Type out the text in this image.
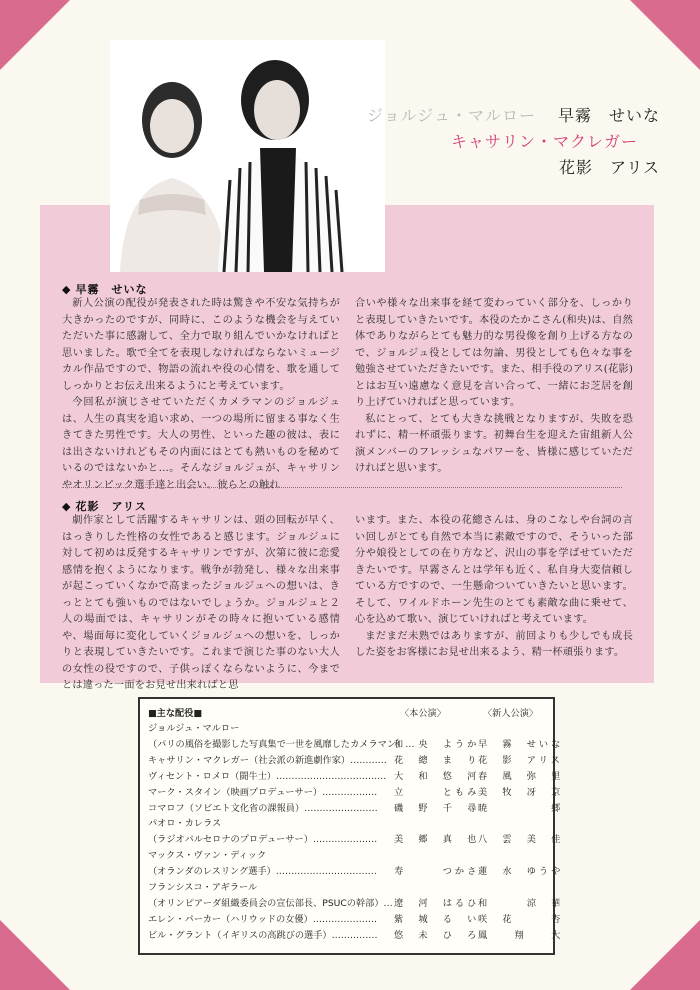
ジョルジュ・マルロー 早霧　せいな
キャサリン・マクレガー
花影　アリス
◆ 早霧　せいな

新人公演の配役が発表された時は驚きや不安な気持ちが大きかったのですが、同時に、このような機会を与えていただいた事に感謝して、全力で取り組んでいかなければと思いました。歌で全てを表現しなければならないミュージカル作品ですので、物語の流れや役の心情を、歌を通してしっかりとお伝え出来るようにと考えています。

今回私が演じさせていただくカメラマンのジョルジュは、人生の真実を追い求め、一つの場所に留まる事なく生きてきた男性です。大人の男性、といった趣の彼は、表には出さないけれどもその内面にはとても熱いものを秘めているのではないかと…。そんなジョルジュが、キャサリンやオリンピック選手達と出会い、彼らとの触れ

合いや様々な出来事を経て変わっていく部分を、しっかりと表現していきたいです。本役のたかこさん(和央)は、自然体でありながらとても魅力的な男役像を創り上げる方なので、ジョルジュ役としては勿論、男役としても色々な事を勉強させていただきたいです。また、相手役のアリス(花影)とはお互い遠慮なく意見を言い合って、一緒にお芝居を創り上げていければと思っています。

私にとって、とても大きな挑戦となりますが、失敗を恐れずに、精一杯頑張ります。初舞台生を迎えた宙組新人公演メンバーのフレッシュなパワーを、皆様に感じていただければと思います。

◆ 花影　アリス

劇作家として活躍するキャサリンは、頭の回転が早く、はっきりした性格の女性であると感じます。ジョルジュに対して初めは反発するキャサリンですが、次第に彼に恋愛感情を抱くようになります。戦争が勃発し、様々な出来事が起こっていくなかで高まったジョルジュへの想いは、きっととても強いものではないでしょうか。ジョルジュと２人の場面では、キャサリンがその時々に抱いている感情や、場面毎に変化していくジョルジュへの想いを、しっかりと表現していきたいです。これまで演じた事のない大人の女性の役ですので、子供っぽくならないように、今までとは違った一面をお見せ出来ればと思

います。また、本役の花總さんは、身のこなしや台詞の言い回しがとても自然で本当に素敵ですので、そういった部分や娘役としての在り方など、沢山の事を学ばせていただきたいです。早霧さんとは学年も近く、私自身大変信頼している方ですので、一生懸命ついていきたいと思います。そして、ワイルドホーン先生のとても素敵な曲に乗せて、心を込めて歌い、演じていければと考えています。

まだまだ未熟ではありますが、前回よりも少しでも成長した姿をお客様にお見せ出来るよう、精一杯頑張ります。

■主な配役■	〈本公演〉	〈新人公演〉
ジョルジュ・マルロー
（パリの風俗を撮影した写真集で一世を風靡したカメラマン）…
和　央　ようか
早　霧　せいな
キャサリン・マクレガー（社会派の新進劇作家）………… 花　總　ま　り
花　影　アリス
ヴィセント・ロメロ（闘牛士）……………………………… 大　和　悠　河
春　風　弥　里
マーク・スタイン（映画プロデューサー）……………… 立　　　ともみ
美　牧　冴　京
コマロフ（ソビエト文化省の課報員）…………………… 磯　野　千　尋
暁　　　　　郷
パオロ・カレラス
（ラジオバルセロナのプロデューサー）………………… 美　郷　真　也
八　雲　美　佳
マックス・ヴァン・ディック
（オランダのレスリング選手）…………………………… 寿　　　つかさ
蓮　水　ゆうや
フランシスコ・アギラール
（オリンピアーダ組織委員会の宣伝部長、PSUCの幹部）… 遼　河　はるひ
和　　　涼　華
エレン・パーカー（ハリウッドの女優）………………… 紫　城　る　い
咲　花　　　杏
ビル・グラント（イギリスの高跳びの選手）…………… 悠　未　ひ　ろ
鳳　　翔　　大
